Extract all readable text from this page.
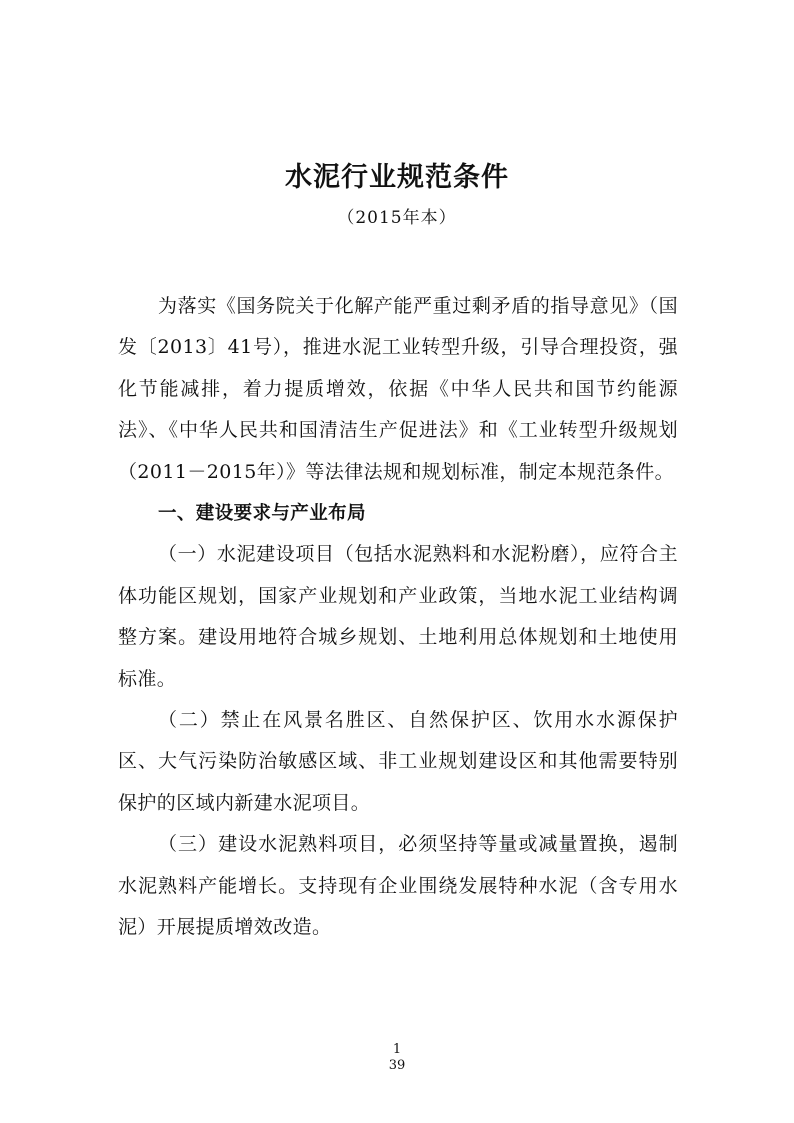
水泥行业规范条件
（2015年本）

为落实《国务院关于化解产能严重过剩矛盾的指导意见》（国发〔2013〕41号），推进水泥工业转型升级，引导合理投资，强化节能减排，着力提质增效，依据《中华人民共和国节约能源法》、《中华人民共和国清洁生产促进法》和《工业转型升级规划（2011－2015年）》等法律法规和规划标准，制定本规范条件。

一、建设要求与产业布局

（一）水泥建设项目（包括水泥熟料和水泥粉磨），应符合主体功能区规划，国家产业规划和产业政策，当地水泥工业结构调整方案。建设用地符合城乡规划、土地利用总体规划和土地使用标准。

（二）禁止在风景名胜区、自然保护区、饮用水水源保护区、大气污染防治敏感区域、非工业规划建设区和其他需要特别保护的区域内新建水泥项目。

（三）建设水泥熟料项目，必须坚持等量或减量置换，遏制水泥熟料产能增长。支持现有企业围绕发展特种水泥（含专用水泥）开展提质增效改造。

1
39
